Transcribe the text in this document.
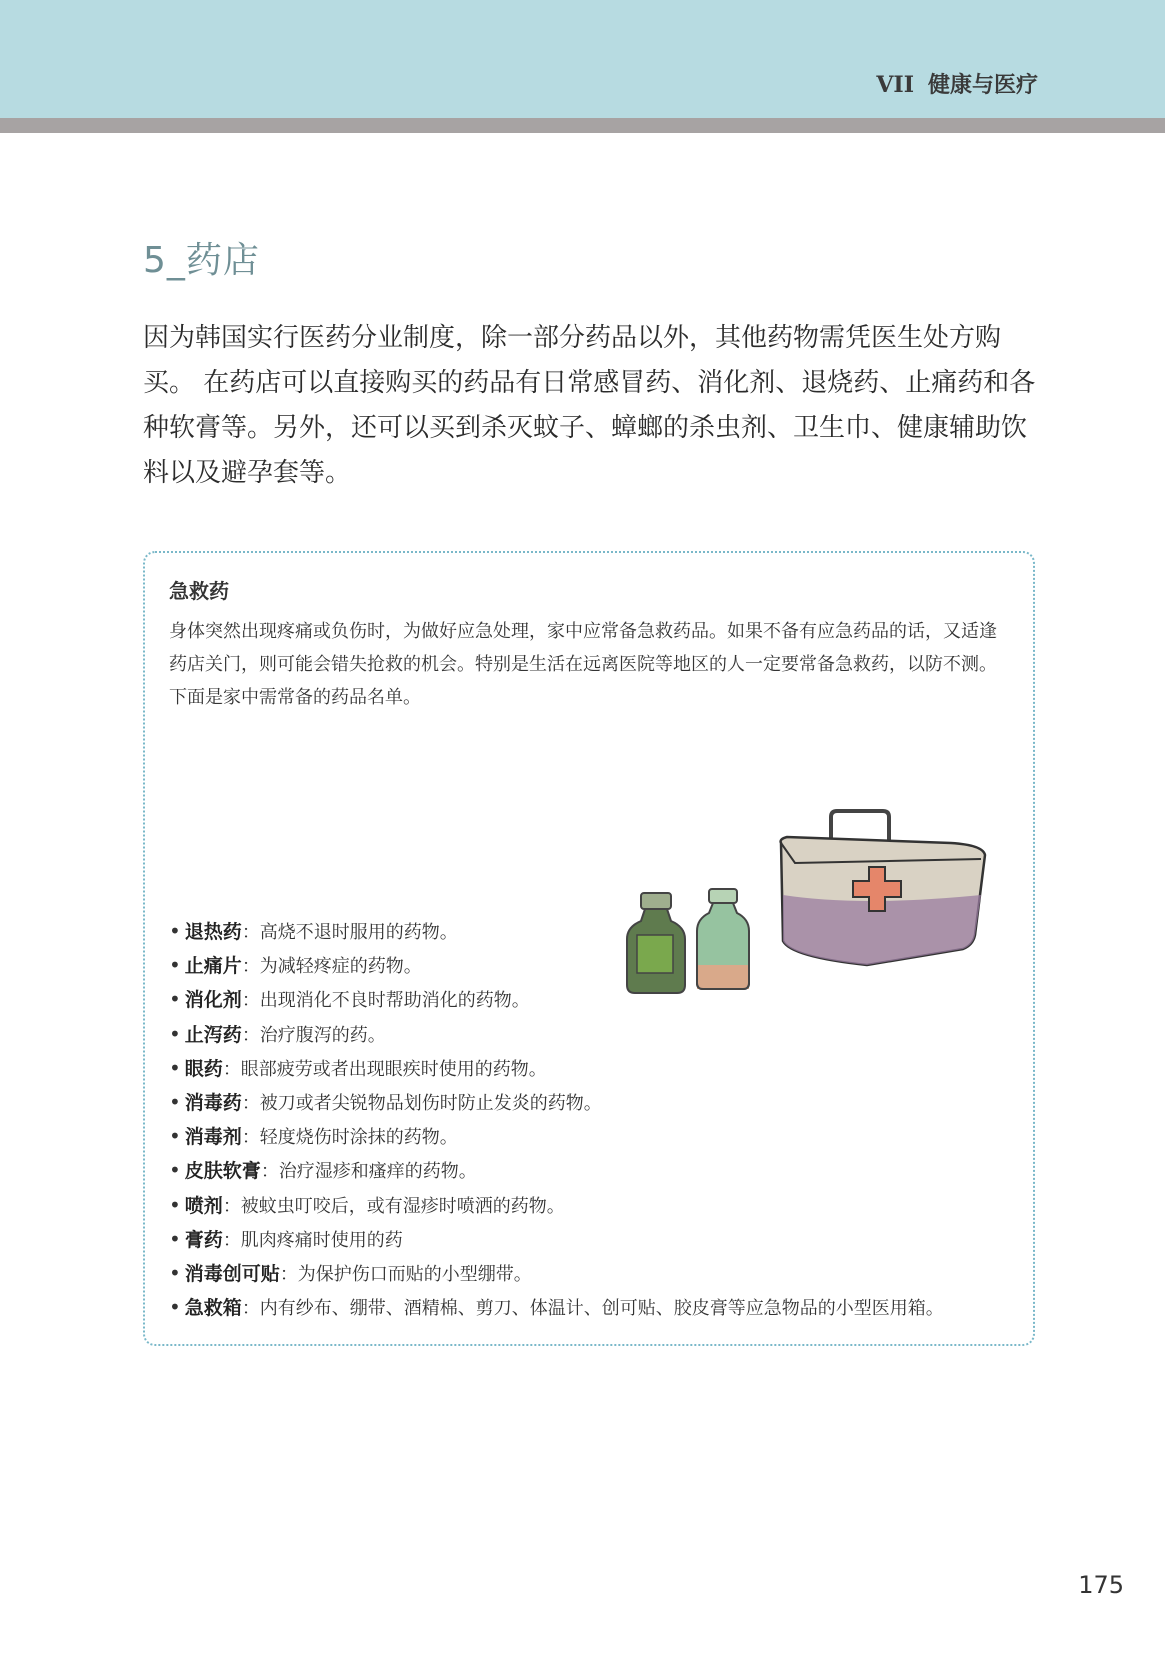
VII 健康与医疗
5_药店

因为韩国实行医药分业制度，除一部分药品以外，其他药物需凭医生处方购买。 在药店可以直接购买的药品有日常感冒药、消化剂、退烧药、止痛药和各种软膏等。另外，还可以买到杀灭蚊子、蟑螂的杀虫剂、卫生巾、健康辅助饮料以及避孕套等。

急救药

身体突然出现疼痛或负伤时，为做好应急处理，家中应常备急救药品。如果不备有应急药品的话，又适逢药店关门，则可能会错失抢救的机会。特别是生活在远离医院等地区的人一定要常备急救药，以防不测。下面是家中需常备的药品名单。

• 退热药：高烧不退时服用的药物。
• 止痛片：为减轻疼症的药物。
• 消化剂：出现消化不良时帮助消化的药物。
• 止泻药：治疗腹泻的药。
• 眼药：眼部疲劳或者出现眼疾时使用的药物。
• 消毒药：被刀或者尖锐物品划伤时防止发炎的药物。
• 消毒剂：轻度烧伤时涂抹的药物。
• 皮肤软膏：治疗湿疹和瘙痒的药物。
• 喷剂：被蚊虫叮咬后，或有湿疹时喷洒的药物。
• 膏药：肌肉疼痛时使用的药
• 消毒创可贴：为保护伤口而贴的小型绷带。
• 急救箱：内有纱布、绷带、酒精棉、剪刀、体温计、创可贴、胶皮膏等应急物品的小型医用箱。
175
